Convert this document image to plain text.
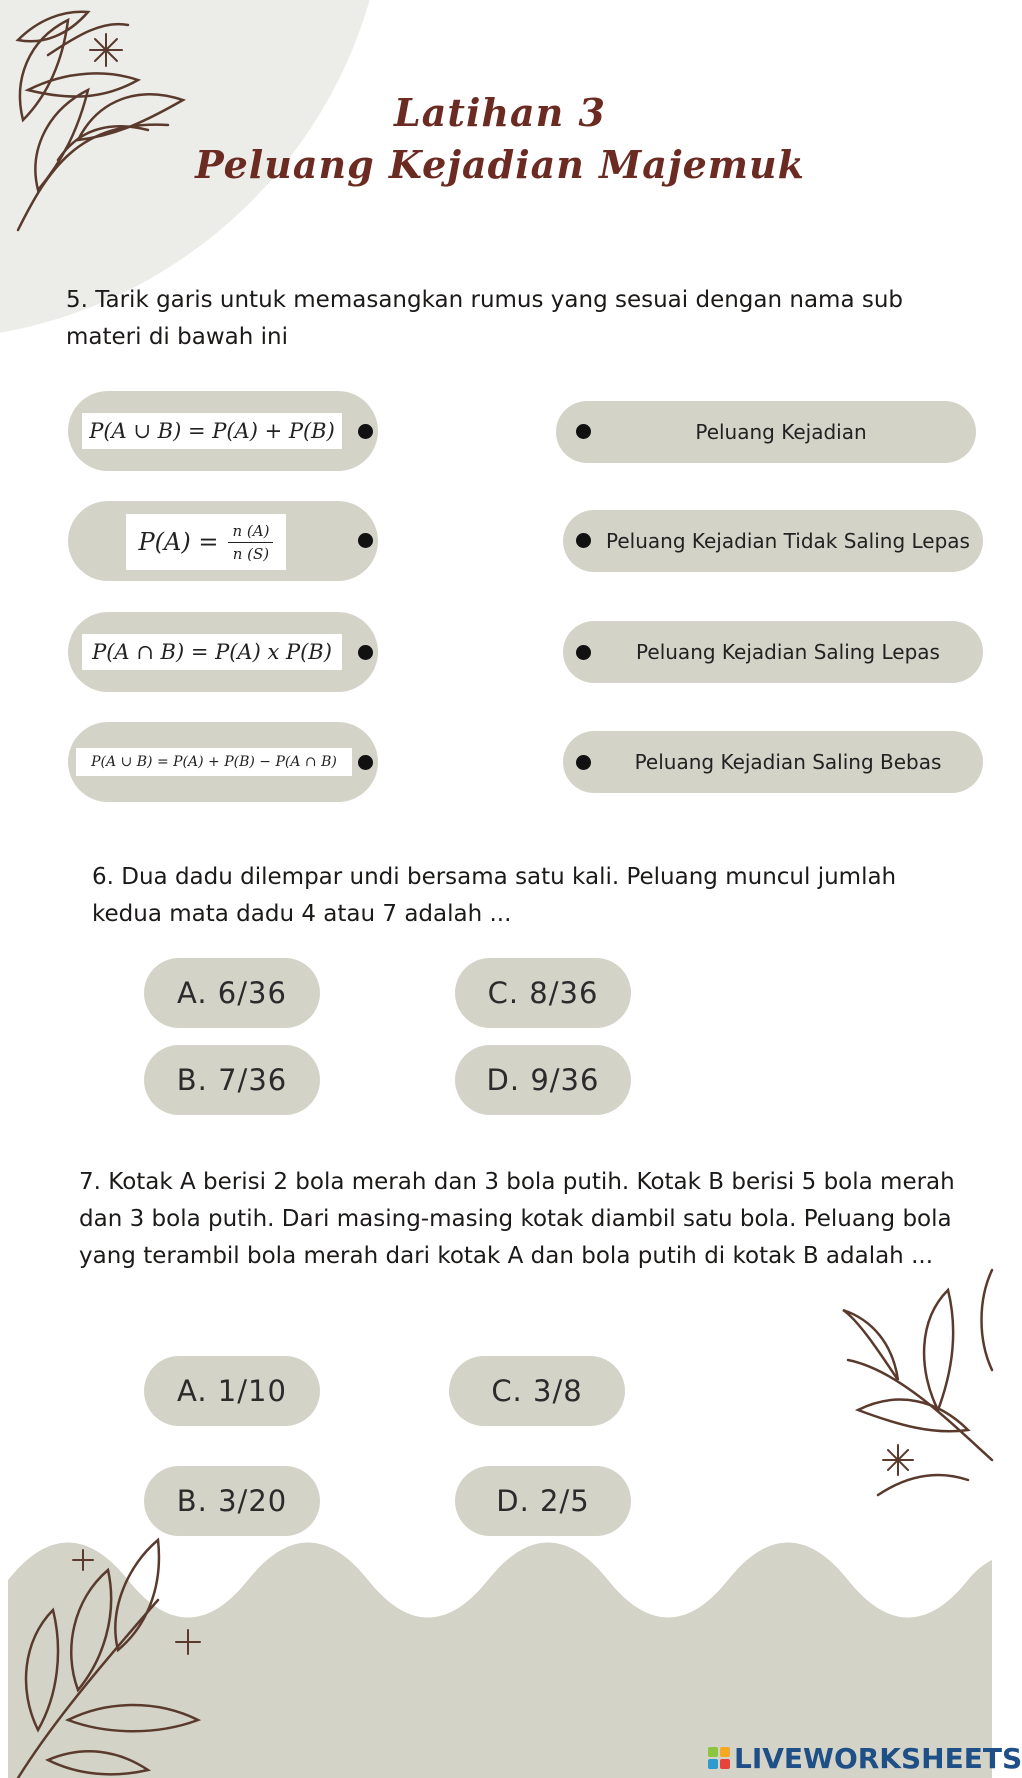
Latihan 3
Peluang Kejadian Majemuk
5. Tarik garis untuk memasangkan rumus yang sesuai dengan nama sub materi di bawah ini
P(A ∪ B) = P(A) + P(B)
$P(A) = \frac{n (A)}{n (S)}$
P(A ∩ B) = P(A) x P(B)
P(A ∪ B) = P(A) + P(B) − P(A ∩ B)
Peluang Kejadian
Peluang Kejadian Tidak Saling Lepas
Peluang Kejadian Saling Lepas
Peluang Kejadian Saling Bebas
6. Dua dadu dilempar undi bersama satu kali. Peluang muncul jumlah kedua mata dadu 4 atau 7 adalah ...
A. 6/36	C. 8/36
B. 7/36	D. 9/36
7. Kotak A berisi 2 bola merah dan 3 bola putih. Kotak B berisi 5 bola merah dan 3 bola putih. Dari masing-masing kotak diambil satu bola. Peluang bola yang terambil bola merah dari kotak A dan bola putih di kotak B adalah ...
A. 1/10	C. 3/8
B. 3/20	D. 2/5
LIVEWORKSHEETS
